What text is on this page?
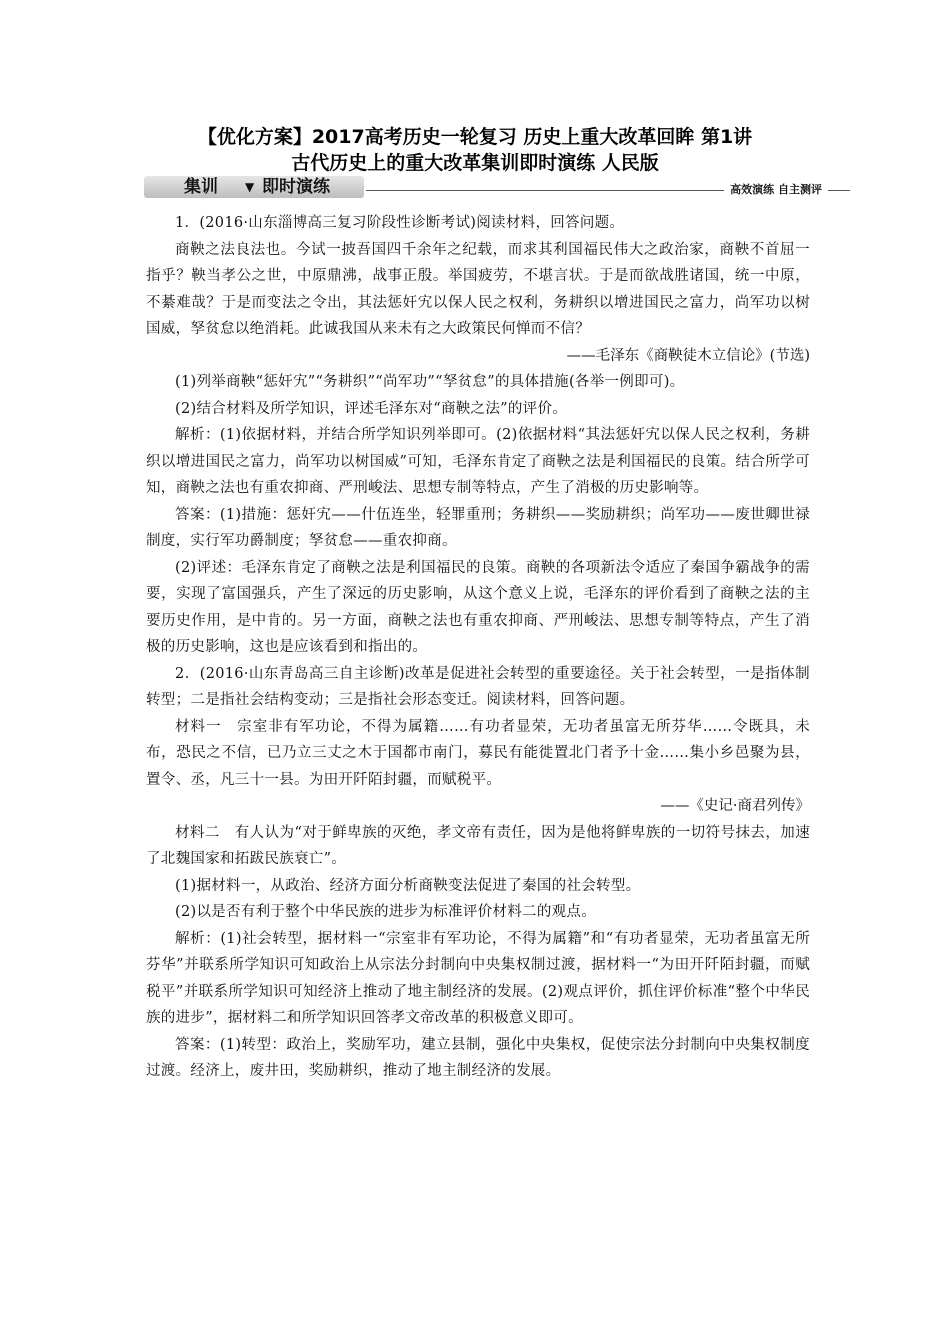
【优化方案】2017高考历史一轮复习 历史上重大改革回眸 第1讲
古代历史上的重大改革集训即时演练 人民版
集训 ▼ 即时演练	高效演练 自主测评

1．(2016·山东淄博高三复习阶段性诊断考试)阅读材料，回答问题。

商鞅之法良法也。今试一披吾国四千余年之纪载，而求其利国福民伟大之政治家，商鞅不首屈一指乎？鞅当孝公之世，中原鼎沸，战事正殷。举国疲劳，不堪言状。于是而欲战胜诸国，统一中原，不綦难哉？于是而变法之令出，其法惩奸宄以保人民之权利，务耕织以增进国民之富力，尚军功以树国威，孥贫怠以绝消耗。此诚我国从来未有之大政策民何惮而不信？

——毛泽东《商鞅徒木立信论》(节选)

(1)列举商鞅“惩奸宄”“务耕织”“尚军功”“孥贫怠”的具体措施(各举一例即可)。

(2)结合材料及所学知识，评述毛泽东对“商鞅之法”的评价。

解析：(1)依据材料，并结合所学知识列举即可。(2)依据材料“其法惩奸宄以保人民之权利，务耕织以增进国民之富力，尚军功以树国威”可知，毛泽东肯定了商鞅之法是利国福民的良策。结合所学可知，商鞅之法也有重农抑商、严刑峻法、思想专制等特点，产生了消极的历史影响等。

答案：(1)措施：惩奸宄——什伍连坐，轻罪重刑；务耕织——奖励耕织；尚军功——废世卿世禄制度，实行军功爵制度；孥贫怠——重农抑商。

(2)评述：毛泽东肯定了商鞅之法是利国福民的良策。商鞅的各项新法令适应了秦国争霸战争的需要，实现了富国强兵，产生了深远的历史影响，从这个意义上说，毛泽东的评价看到了商鞅之法的主要历史作用，是中肯的。另一方面，商鞅之法也有重农抑商、严刑峻法、思想专制等特点，产生了消极的历史影响，这也是应该看到和指出的。

2．(2016·山东青岛高三自主诊断)改革是促进社会转型的重要途径。关于社会转型，一是指体制转型；二是指社会结构变动；三是指社会形态变迁。阅读材料，回答问题。

材料一　宗室非有军功论，不得为属籍……有功者显荣，无功者虽富无所芬华……令既具，未布，恐民之不信，已乃立三丈之木于国都市南门，募民有能徙置北门者予十金……集小乡邑聚为县，置令、丞，凡三十一县。为田开阡陌封疆，而赋税平。

——《史记·商君列传》

材料二　有人认为“对于鲜卑族的灭绝，孝文帝有责任，因为是他将鲜卑族的一切符号抹去，加速了北魏国家和拓跋民族衰亡”。

(1)据材料一，从政治、经济方面分析商鞅变法促进了秦国的社会转型。

(2)以是否有利于整个中华民族的进步为标准评价材料二的观点。

解析：(1)社会转型，据材料一“宗室非有军功论，不得为属籍”和“有功者显荣，无功者虽富无所芬华”并联系所学知识可知政治上从宗法分封制向中央集权制过渡，据材料一“为田开阡陌封疆，而赋税平”并联系所学知识可知经济上推动了地主制经济的发展。(2)观点评价，抓住评价标准“整个中华民族的进步”，据材料二和所学知识回答孝文帝改革的积极意义即可。

答案：(1)转型：政治上，奖励军功，建立县制，强化中央集权，促使宗法分封制向中央集权制度过渡。经济上，废井田，奖励耕织，推动了地主制经济的发展。
